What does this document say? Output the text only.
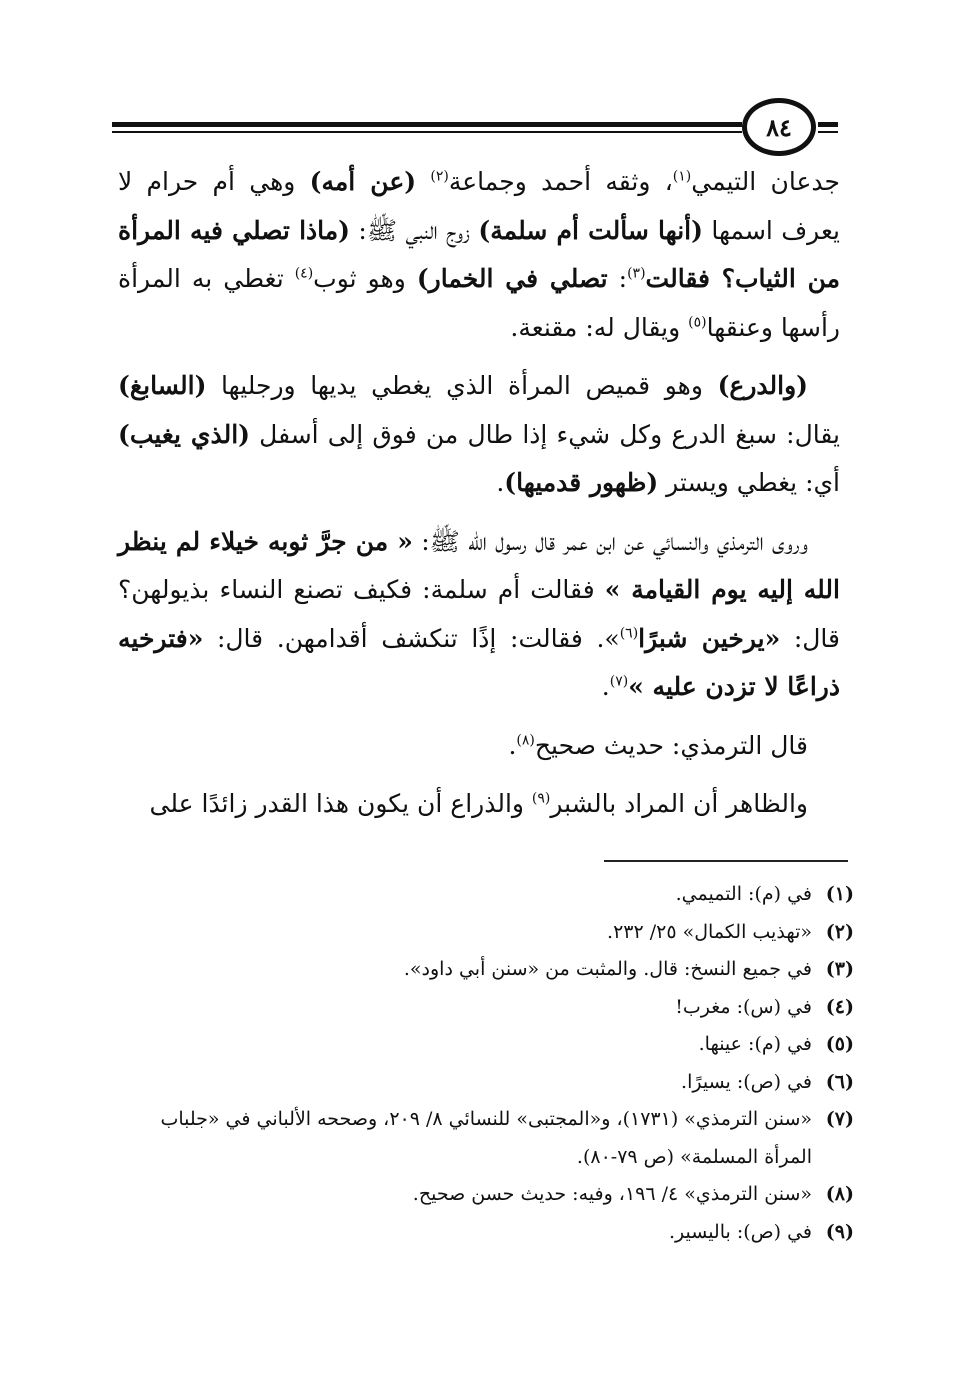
٨٤

جدعان التيمي$^{(١)}$، وثقه أحمد وجماعة$^{(٢)}$ (عن أمه) وهي أم حرام لا يعرف اسمها (أنها سألت أم سلمة) زوج النبي ﷺ: (ماذا تصلي فيه المرأة من الثياب؟ فقالت$^{(٣)}$: تصلي في الخمار) وهو ثوب$^{(٤)}$ تغطي به المرأة رأسها وعنقها$^{(٥)}$ ويقال له: مقنعة.

(والدرع) وهو قميص المرأة الذي يغطي يديها ورجليها (السابغ) يقال: سبغ الدرع وكل شيء إذا طال من فوق إلى أسفل (الذي يغيب) أي: يغطي ويستر (ظهور قدميها).

وروى الترمذي والنسائي عن ابن عمر قال رسول الله ﷺ: « من جرَّ ثوبه خيلاء لم ينظر الله إليه يوم القيامة » فقالت أم سلمة: فكيف تصنع النساء بذيولهن؟ قال: «يرخين شبرًا$^{(٦)}$». فقالت: إذًا تنكشف أقدامهن. قال: «فترخيه ذراعًا لا تزدن عليه »$^{(٧)}$.

قال الترمذي: حديث صحيح$^{(٨)}$.

والظاهر أن المراد بالشبر$^{(٩)}$ والذراع أن يكون هذا القدر زائدًا على

(١)
في (م): التميمي.
(٢)
«تهذيب الكمال» ٢٥/ ٢٣٢.
(٣)
في جميع النسخ: قال. والمثبت من «سنن أبي داود».
(٤)
في (س): مغرب!
(٥)
في (م): عينها.
(٦)
في (ص): يسيرًا.
(٧)
«سنن الترمذي» (١٧٣١)، و«المجتبى» للنسائي ٨/ ٢٠٩، وصححه الألباني في «جلباب المرأة المسلمة» (ص ٧٩-٨٠).
(٨)
«سنن الترمذي» ٤/ ١٩٦، وفيه: حديث حسن صحيح.
(٩)
في (ص): باليسير.
